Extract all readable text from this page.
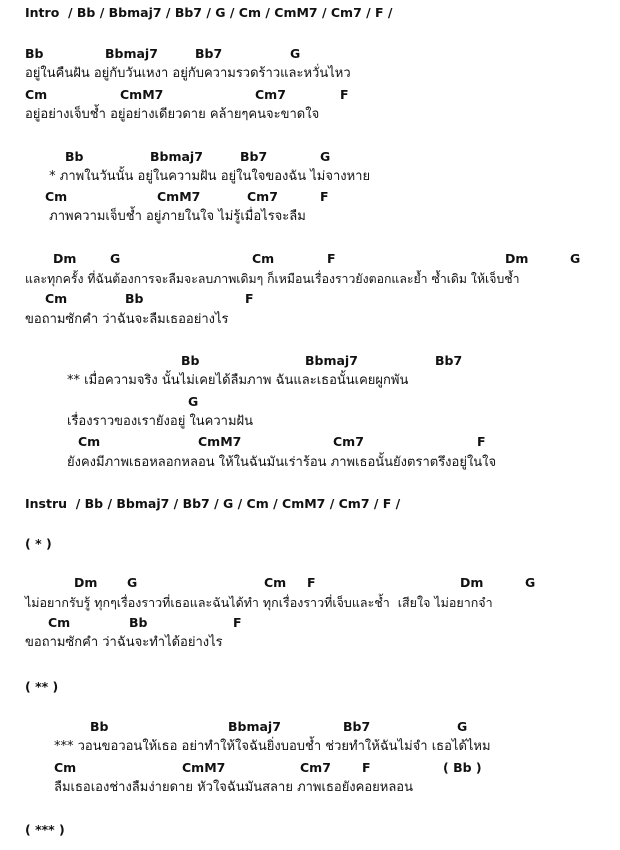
Intro  / Bb / Bbmaj7 / Bb7 / G / Cm / CmM7 / Cm7 / F /
Bb	Bbmaj7	Bb7	G
อยู่ในคืนฝัน อยู่กับวันเหงา อยู่กับความรวดร้าวและหวั่นไหว
Cm	CmM7	Cm7	F
อยู่อย่างเจ็บช้ำ อยู่อย่างเดียวดาย คล้ายๆคนจะขาดใจ
Bb	Bbmaj7	Bb7	G
* ภาพในวันนั้น อยู่ในความฝัน อยู่ในใจของฉัน ไม่จางหาย
Cm	CmM7	Cm7	F
ภาพความเจ็บช้ำ อยู่ภายในใจ ไม่รู้เมื่อไรจะลืม
Dm	G	Cm	F	Dm	G
และทุกครั้ง ที่ฉันต้องการจะลืมจะลบภาพเดิมๆ ก็เหมือนเรื่องราวยังตอกและย้ำ ซ้ำเดิม ให้เจ็บช้ำ
Cm	Bb	F
ขอถามซักคำ ว่าฉันจะลืมเธออย่างไร
Bb	Bbmaj7	Bb7
** เมื่อความจริง นั้นไม่เคยได้ลืมภาพ ฉันและเธอนั้นเคยผูกพัน
G
เรื่องราวของเรายังอยู่ ในความฝัน
Cm	CmM7	Cm7	F
ยังคงมีภาพเธอหลอกหลอน ให้ในฉันมันเร่าร้อน ภาพเธอนั้นยังตราตรึงอยู่ในใจ
Instru  / Bb / Bbmaj7 / Bb7 / G / Cm / CmM7 / Cm7 / F /
( * )
Dm G	Cm F	Dm	G
ไม่อยากรับรู้ ทุกๆเรื่องราวที่เธอและฉันได้ทำ ทุกเรื่องราวที่เจ็บและช้ำ  เสียใจ ไม่อยากจำ
Cm	Bb	F
ขอถามซักคำ ว่าฉันจะทำได้อย่างไร
( ** )
Bb	Bbmaj7	Bb7	G
*** วอนขอวอนให้เธอ อย่าทำให้ใจฉันยิ่งบอบช้ำ ช่วยทำให้ฉันไม่จำ เธอได้ไหม
Cm	CmM7	Cm7 F	( Bb )
ลืมเธอเองช่างลืมง่ายดาย หัวใจฉันมันสลาย ภาพเธอยังคอยหลอน
( *** )
